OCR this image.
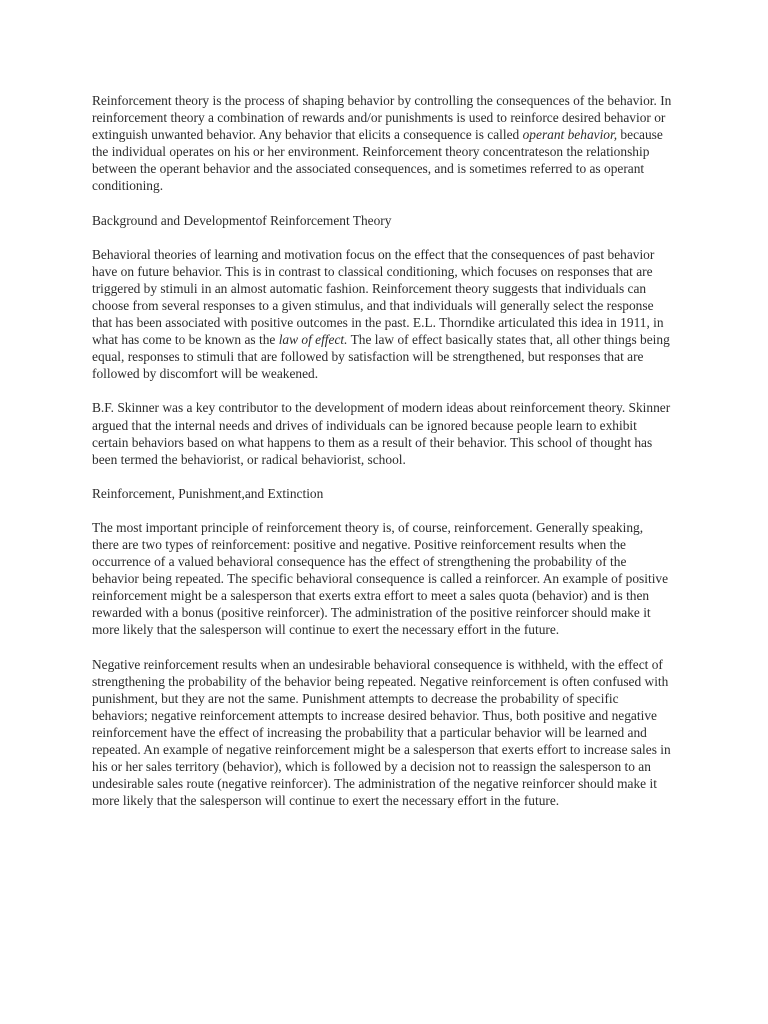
Reinforcement theory is the process of shaping behavior by controlling the consequences of the behavior. In reinforcement theory a combination of rewards and/or punishments is used to reinforce desired behavior or extinguish unwanted behavior. Any behavior that elicits a consequence is called operant behavior, because the individual operates on his or her environment. Reinforcement theory concentrateson the relationship between the operant behavior and the associated consequences, and is sometimes referred to as operant conditioning.

Background and Developmentof Reinforcement Theory

Behavioral theories of learning and motivation focus on the effect that the consequences of past behavior have on future behavior. This is in contrast to classical conditioning, which focuses on responses that are triggered by stimuli in an almost automatic fashion. Reinforcement theory suggests that individuals can choose from several responses to a given stimulus, and that individuals will generally select the response that has been associated with positive outcomes in the past. E.L. Thorndike articulated this idea in 1911, in what has come to be known as the law of effect. The law of effect basically states that, all other things being equal, responses to stimuli that are followed by satisfaction will be strengthened, but responses that are followed by discomfort will be weakened.

B.F. Skinner was a key contributor to the development of modern ideas about reinforcement theory. Skinner argued that the internal needs and drives of individuals can be ignored because people learn to exhibit certain behaviors based on what happens to them as a result of their behavior. This school of thought has been termed the behaviorist, or radical behaviorist, school.

Reinforcement, Punishment,and Extinction

The most important principle of reinforcement theory is, of course, reinforcement. Generally speaking, there are two types of reinforcement: positive and negative. Positive reinforcement results when the occurrence of a valued behavioral consequence has the effect of strengthening the probability of the behavior being repeated. The specific behavioral consequence is called a reinforcer. An example of positive reinforcement might be a salesperson that exerts extra effort to meet a sales quota (behavior) and is then rewarded with a bonus (positive reinforcer). The administration of the positive reinforcer should make it more likely that the salesperson will continue to exert the necessary effort in the future.

Negative reinforcement results when an undesirable behavioral consequence is withheld, with the effect of strengthening the probability of the behavior being repeated. Negative reinforcement is often confused with punishment, but they are not the same. Punishment attempts to decrease the probability of specific behaviors; negative reinforcement attempts to increase desired behavior. Thus, both positive and negative reinforcement have the effect of increasing the probability that a particular behavior will be learned and repeated. An example of negative reinforcement might be a salesperson that exerts effort to increase sales in his or her sales territory (behavior), which is followed by a decision not to reassign the salesperson to an undesirable sales route (negative reinforcer). The administration of the negative reinforcer should make it more likely that the salesperson will continue to exert the necessary effort in the future.
